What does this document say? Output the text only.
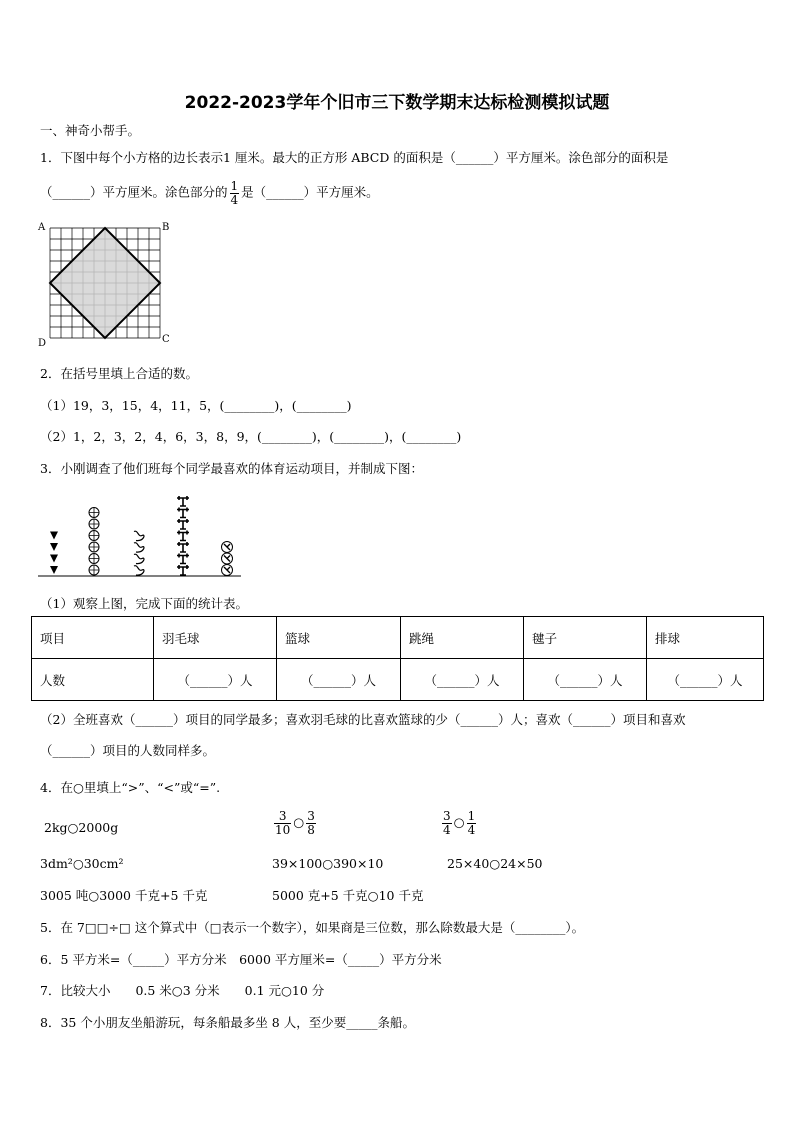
2022-2023学年个旧市三下数学期末达标检测模拟试题
一、神奇小帮手。
1．下图中每个小方格的边长表示1 厘米。最大的正方形 ABCD 的面积是（______）平方厘米。涂色部分的面积是
（______）平方厘米。涂色部分的 $\frac{1}{4}$ 是（______）平方厘米。
A	B
C
D
2．在括号里填上合适的数。
（1）19，3，15，4，11，5，(________)，(________)
（2）1，2，3，2，4，6，3，8，9，(________)，(________)，(________)
3．小刚调查了他们班每个同学最喜欢的体育运动项目，并制成下图：
（1）观察上图，完成下面的统计表。
项目	羽毛球	篮球	跳绳	毽子	排球
人数	（______）人	（______）人	（______）人	（______）人	（______）人
（2）全班喜欢（______）项目的同学最多；喜欢羽毛球的比喜欢篮球的少（______）人；喜欢（______）项目和喜欢
（______）项目的人数同样多。
4．在○里填上“>”、“<”或“=”.
2kg○2000g	$\frac{3}{10}$ ○ $\frac{3}{8}$	$\frac{3}{4}$ ○ $\frac{1}{4}$
3dm²○30cm²	39×100○390×10	25×40○24×50
3005 吨○3000 千克+5 千克	5000 克+5 千克○10 千克
5．在 7□□÷□ 这个算式中（□表示一个数字），如果商是三位数，那么除数最大是（________）。
6．5 平方米=（_____）平方分米　6000 平方厘米=（_____）平方分米
7．比较大小　　0.5 米○3 分米　　0.1 元○10 分
8．35 个小朋友坐船游玩，每条船最多坐 8 人，至少要_____条船。
